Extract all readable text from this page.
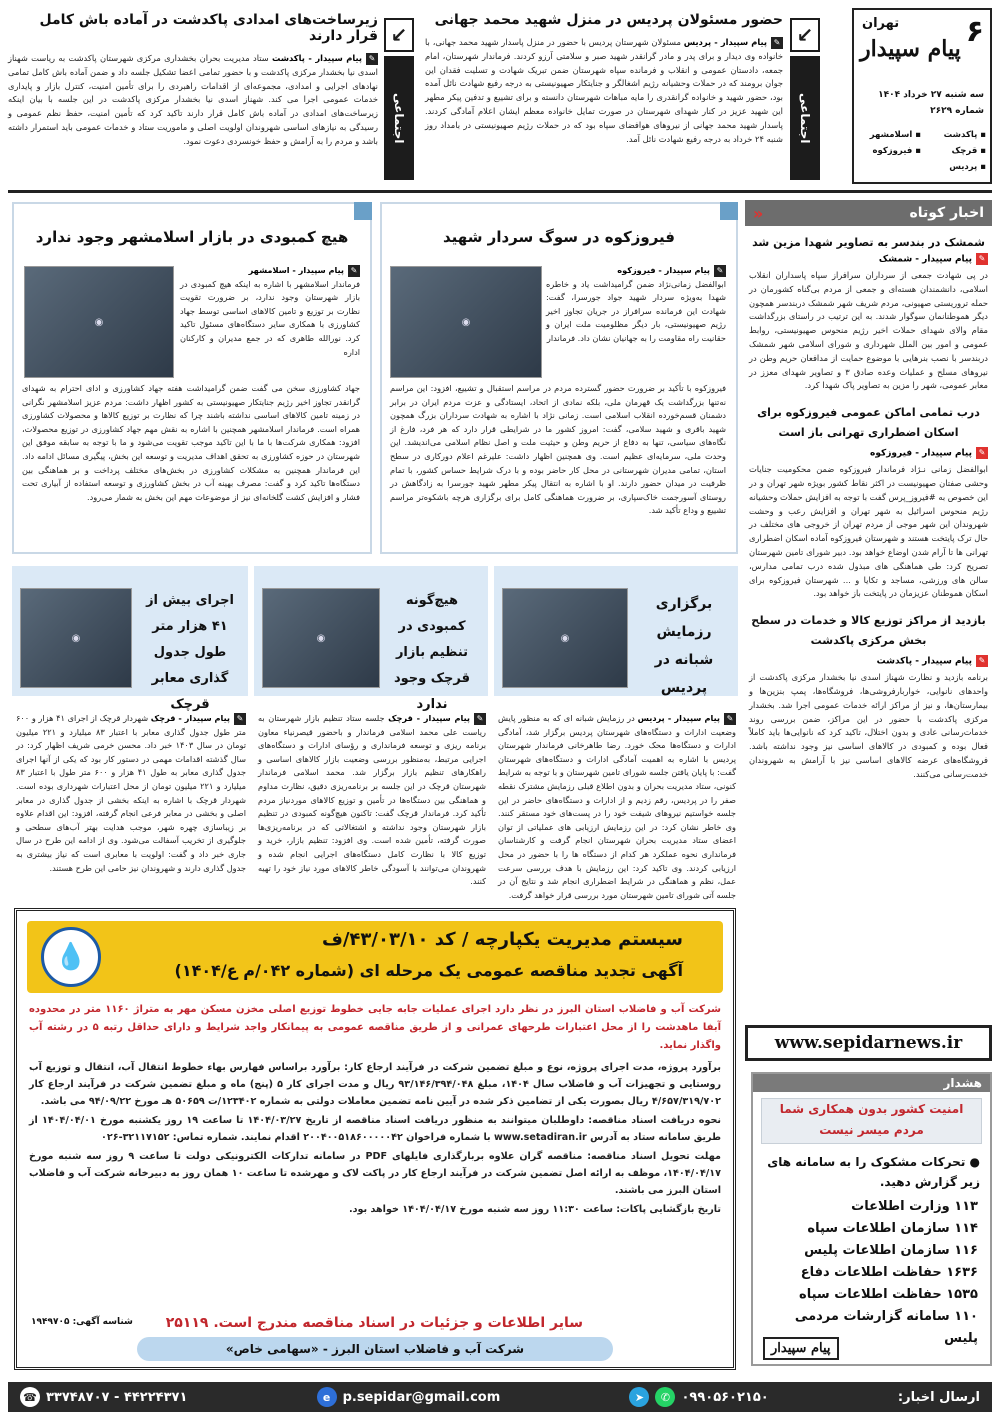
۶
تهران
پیام سپیدار
سه شنبه ۲۷ خرداد ۱۴۰۴
شماره ۲۶۲۹
▪ پاکدشت
▪ اسلامشهر
▪ قرچک
▪ فیروزکوه
▪ پردیس
↙
اجتماعی
حضور مسئولان پردیس در منزل شهید محمد جهانی
✎پیام سپیدار - پردیس مسئولان شهرستان پردیس با حضور در منزل پاسدار شهید محمد جهانی، با خانواده وی دیدار و برای پدر و مادر گرانقدر شهید صبر و سلامتی آرزو کردند. فرماندار شهرستان، امام جمعه، دادستان عمومی و انقلاب و فرمانده سپاه شهرستان ضمن تبریک شهادت و تسلیت فقدان این جوان برومند که در حملات وحشیانه رژیم اشغالگر و جنایتکار صهیونیستی به درجه رفیع شهادت نائل آمده بود، حضور شهید و خانواده گرانقدری را مایه مباهات شهرستان دانسته و برای تشییع و تدفین پیکر مطهر این شهید عزیز در کنار شهدای شهرستان در صورت تمایل خانواده معظم ایشان اعلام آمادگی کردند. پاسدار شهید محمد جهانی از نیروهای هوافضای سپاه بود که در حملات رژیم صهیونیستی در بامداد روز شنبه ۲۴ خرداد به درجه رفیع شهادت نائل آمد.
↙
اجتماعی
زیرساخت‌های امدادی پاکدشت در آماده باش کامل قرار دارند
✎پیام سپیدار - پاکدشت ستاد مدیریت بحران بخشداری مرکزی شهرستان پاکدشت به ریاست شهناز اسدی نیا بخشدار مرکزی پاکدشت و با حضور تمامی اعضا تشکیل جلسه داد و ضمن آماده باش کامل تمامی نهادهای اجرایی و امدادی، مجموعه‌ای از اقدامات راهبردی را برای تأمین امنیت، کنترل بازار و پایداری خدمات عمومی اجرا می کند. شهناز اسدی نیا بخشدار مرکزی پاکدشت در این جلسه با بیان اینکه زیرساخت‌های امدادی در آماده باش کامل قرار دارند تاکید کرد که تأمین امنیت، حفظ نظم عمومی و رسیدگی به نیازهای اساسی شهروندان اولویت اصلی و ماموریت ستاد و خدمات عمومی باید استمرار داشته باشد و مردم را به آرامش و حفظ خونسردی دعوت نمود.
اخبار کوتاه
«
شمشک در بندسر به تصاویر شهدا مزین شد
✎پیام سپیدار - شمشک
در پی شهادت جمعی از سرداران سرافراز سپاه پاسداران انقلاب اسلامی، دانشمندان هسته‌ای و جمعی از مردم بی‌گناه کشورمان در حمله تروریستی صهیونی، مردم شریف شهر شمشک دربندسر همچون دیگر هموطنانمان سوگوار شدند. به این ترتیب در راستای بزرگداشت مقام والای شهدای حملات اخیر رژیم منحوس صهیونیستی، روابط عمومی و امور بین الملل شهرداری و شورای اسلامی شهر شمشک دربندسر با نصب بنرهایی با موضوع حمایت از مدافعان حریم وطن در نیروهای مسلح و عملیات وعده صادق ۳ و تصاویر شهدای معزز در معابر عمومی، شهر را مزین به تصاویر پاک شهدا کرد.
درب تمامی اماکن عمومی فیروزکوه برای اسکان اضطراری تهرانی باز است
✎پیام سپیدار - فیروزکوه
ابوالفضل زمانی نـژاد فرماندار فیروزکوه ضمن محکومیت جنایات وحشی صفتان صهیونیست در اکثر نقاط کشور بویژه شهر تهران و در این خصوص به #فیروز_پرس گفت با توجه به افزایش حملات وحشیانه رژیم منحوس اسرائیل به شهر تهران و افزایش رعب و وحشت شهروندان این شهر موجی از مردم تهران از خروجی های مختلف در حال ترک پایتخت هستند و شهرستان فیروزکوه آماده اسکان اضطراری تهرانی ها تا آرام شدن اوضاع خواهد بود. دبیر شورای تامین شهرستان تصریح کرد: طی هماهنگی های مبذول شده درب تمامی مدارس، سالن های ورزشی، مساجد و تکایا و ... شهرستان فیروزکوه برای اسکان هموطنان عزیزمان در پایتخت باز خواهد بود.
بازدید از مراکز توزیع کالا و خدمات در سطح بخش مرکزی پاکدشت
✎پیام سپیدار - پاکدشت
برنامه بازدید و نظارت شهناز اسدی نیا بخشدار مرکزی پاکدشت از واحدهای نانوایی، خواربارفروشی‌ها، فروشگاه‌ها، پمپ بنزین‌ها و بیمارستان‌ها، و نیز از مراکز ارائه خدمات عمومی اجرا شد. بخشدار مرکزی پاکدشت با حضور در این مراکز، ضمن بررسی روند خدمات‌رسانی عادی و بدون اختلال، تاکید کرد که نانوایی‌ها باید کاملاً فعال بوده و کمبودی در کالاهای اساسی نیز وجود نداشته باشد. فروشگاه‌های عرضه کالاهای اساسی نیز با آرامش به شهروندان خدمت‌رسانی می‌کنند.
www.sepidarnews.ir
هشدار
امنیت کشور بدون همکاری شما
مردم میسر نیست
● تحرکات مشکوک را به سامانه های زیر گزارش دهید.
۱۱۳ وزارت اطلاعات
۱۱۴ سازمان اطلاعات سپاه
۱۱۶ سازمان اطلاعات پلیس
۱۶۳۶ حفاظت اطلاعات دفاع
۱۵۳۵ حفاظت اطلاعات سپاه
۱۱۰ سامانه گزارشات مردمی پلیس
پیام سپیدار
فیروزکوه در سوگ سردار شهید
◉
✎پیام سپیدار - فیروزکوه
ابوالفضل زمانی‌نژاد ضمن گرامیداشت یاد و خاطره شهدا به‌ویژه سردار شهید جواد جورسرا، گفت: شهادت این فرمانده سرافراز در جریان تجاوز اخیر رژیم صهیونیستی، بار دیگر مظلومیت ملت ایران و حقانیت راه مقاومت را به جهانیان نشان داد. فرماندار
فیروزکوه با تأکید بر ضرورت حضور گسترده مردم در مراسم استقبال و تشییع، افزود: این مراسم نه‌تنها بزرگداشت یک قهرمان ملی، بلکه نمادی از اتحاد، ایستادگی و عزت مردم ایران در برابر دشمنان قسم‌خورده انقلاب اسلامی است. زمانی نژاد با اشاره به شهادت سرداران بزرگ همچون شهید باقری و شهید سلامی، گفت: امروز کشور ما در شرایطی قرار دارد که هر فرد، فارغ از نگاه‌های سیاسی، تنها به دفاع از حریم وطن و حیثیت ملت و اصل نظام اسلامی می‌اندیشد. این وحدت ملی، سرمایه‌ای عظیم است. وی همچنین اظهار داشت: علیرغم اعلام دورکاری در سطح استان، تمامی مدیران شهرستانی در محل کار حاضر بوده و با درک شرایط حساس کشور، با تمام ظرفیت در میدان حضور دارند. او با اشاره به انتقال پیکر مطهر شهید جورسرا به زادگاهش در روستای آسورجمت خاک‌سپاری، بر ضرورت هماهنگی کامل برای برگزاری هرچه باشکوه‌تر مراسم تشییع و وداع تأکید شد.
هیچ کمبودی در بازار اسلامشهر وجود ندارد
◉
✎پیام سپیدار - اسلامشهر
فرماندار اسلامشهر با اشاره به اینکه هیچ کمبودی در بازار شهرستان وجود ندارد، بر ضرورت تقویت نظارت بر توزیع و تامین کالاهای اساسی توسط جهاد کشاورزی با همکاری سایر دستگاه‌های مسئول تاکید کرد. نورالله طاهری که در جمع مدیران و کارکنان اداره
جهاد کشاورزی سخن می گفت ضمن گرامیداشت هفته جهاد کشاورزی و ادای احترام به شهدای گرانقدر تجاوز اخیر رژیم جنایتکار صهیونیستی به کشور اظهار داشت: مردم عزیز اسلامشهر نگرانی در زمینه تامین کالاهای اساسی نداشته باشند چرا که نظارت بر توزیع کالاها و محصولات کشاورزی همراه است. فرماندار اسلامشهر همچنین با اشاره به نقش مهم جهاد کشاورزی در توزیع محصولات، افزود: همکاری شرکت‌ها با ما با این تاکید موجب تقویت می‌شود و ما با توجه به سابقه موفق این شهرستان در حوزه کشاورزی به تحقق اهداف مدیریت و توسعه این بخش، پیگیری مسائل ادامه داد. این فرماندار همچنین به مشکلات کشاورزی در بخش‌های مختلف پرداخت و بر هماهنگی بین دستگاه‌ها تاکید کرد و گفت: مصرف بهینه آب در بخش کشاورزی و توسعه استفاده از آبیاری تحت فشار و افزایش کشت گلخانه‌ای نیز از موضوعات مهم این بخش به شمار می‌رود.
برگزاری رزمایش شبانه در پردیس
◉
✎پیام سپیدار - پردیس در رزمایش شبانه ای که به منظور پایش وضعیت ادارات و دستگاه‌های شهرستان پردیس برگزار شد، آمادگی ادارات و دستگاه‌ها محک خورد. رضا طاهرخانی فرماندار شهرستان پردیس با اشاره به اهمیت آمادگی ادارات و دستگاه‌های شهرستان گفت: با پایان یافتن جلسه شورای تامین شهرستان و با توجه به شرایط کنونی، ستاد مدیریت بحران و بدون اطلاع قبلی رزمایش مشترک نقطه صفر را در پردیس، رقم زدیم و از ادارات و دستگاه‌های حاضر در این جلسه خواستیم نیروهای شیفت خود را در پست‌های خود مستقر کنند. وی خاطر نشان کرد: در این رزمایش ارزیابی های عملیاتی از توان اعضای ستاد مدیریت بحران شهرستان انجام گرفت و کارشناسان فرمانداری نحوه عملکرد هر کدام از دستگاه ها را با حضور در محل ارزیابی کردند. وی تاکید کرد: این رزمایش با هدف بررسی سرعت عمل، نظم و هماهنگی در شرایط اضطراری انجام شد و نتایج آن در جلسه آتی شورای تامین شهرستان مورد بررسی قرار خواهد گرفت.
هیچ‌گونه کمبودی در تنظیم بازار قرچک وجود ندارد
◉
✎پیام سپیدار - قرچک جلسه ستاد تنظیم بازار شهرستان به ریاست علی محمد اسلامی فرماندار و باحضور قیصرنیاء معاون برنامه ریزی و توسعه فرمانداری و رؤسای ادارات و دستگاه‌های اجرایی مرتبط، به‌منظور بررسی وضعیت بازار کالاهای اساسی و راهکارهای تنظیم بازار برگزار شد. محمد اسلامی فرماندار شهرستان قرچک در این جلسه بر برنامه‌ریزی دقیق، نظارت مداوم و هماهنگی بین دستگاه‌ها در تأمین و توزیع کالاهای موردنیاز مردم تأکید کرد. فرماندار قرچک گفت: تاکنون هیچ‌گونه کمبودی در تنظیم بازار شهرستان وجود نداشته و اشتغالاتی که در برنامه‌ریزی‌ها صورت گرفته، تأمین شده است. وی افزود: تنظیم بازار، خرید و توزیع کالا با نظارت کامل دستگاه‌های اجرایی انجام شده و شهروندان می‌توانند با آسودگی خاطر کالاهای مورد نیاز خود را تهیه کنند.
اجرای بیش از ۴۱ هزار متر طول جدول گذاری معابر قرچک
◉
✎پیام سپیدار - قرچک شهردار قرچک از اجرای ۴۱ هزار و ۶۰۰ متر طول جدول گذاری معابر با اعتبار ۸۳ میلیارد و ۲۲۱ میلیون تومان در سال ۱۴۰۳ خبر داد. محسن خرمی شریف اظهار کرد: در سال گذشته اقدامات مهمی در دستور کار بود که یکی از آنها اجرای جدول گذاری معابر به طول ۴۱ هزار و ۶۰۰ متر طول با اعتبار ۸۳ میلیارد و ۲۲۱ میلیون تومان از محل اعتبارات شهرداری بوده است. شهردار قرچک با اشاره به اینکه بخشی از جدول گذاری در معابر اصلی و بخشی در معابر فرعی انجام گرفته، افزود: این اقدام علاوه بر زیباسازی چهره شهر، موجب هدایت بهتر آب‌های سطحی و جلوگیری از تخریب آسفالت می‌شود. وی از ادامه این طرح در سال جاری خبر داد و گفت: اولویت با معابری است که نیاز بیشتری به جدول گذاری دارند و شهروندان نیز حامی این طرح هستند.
سیستم مدیریت یکپارچه / کد ۴۳/۰۳/۱۰/ف
آگهی تجدید مناقصه عمومی یک مرحله ای (شماره ۰۴۲/م ع/۱۴۰۴)
💧
شرکت آب و فاضلاب استان البرز در نظر دارد اجرای عملیات جابه جایی خطوط توزیع اصلی مخزن مسکن مهر به متراژ ۱۱۶۰ متر در محدوده آبفا ماهدشت را از محل اعتبارات طرحهای عمرانی و از طریق مناقصه عمومی به پیمانکار واجد شرایط و دارای حداقل رتبه ۵ در رشته آب واگذار نماید.
برآورد پروژه، مدت اجرای پروژه، نوع و مبلغ تضمین شرکت در فرآیند ارجاع کار: برآورد براساس فهارس بهاء خطوط انتقال آب، انتقال و توزیع آب روستایی و تجهیزات آب و فاضلاب سال ۱۴۰۴، مبلغ ۹۳/۱۴۶/۳۹۴/۰۴۸ ریال و مدت اجرای کار ۵ (پنج) ماه و مبلغ تضمین شرکت در فرآیند ارجاع کار ۴/۶۵۷/۳۱۹/۷۰۲ ریال بصورت یکی از تضامین ذکر شده در آیین نامه تضمین معاملات دولتی به شماره ۱۲۳۴۰۲/ت ۵۰۶۵۹ هـ مورخ ۹۴/۰۹/۲۲ می باشد.
نحوه دریافت اسناد مناقصه: داوطلبان میتوانند به منظور دریافت اسناد مناقصه از تاریخ ۱۴۰۴/۰۳/۲۷ تا ساعت ۱۹ روز یکشنبه مورخ ۱۴۰۴/۰۴/۰۱ از طریق سامانه ستاد به آدرس www.setadiran.ir با شماره فراخوان ۲۰۰۴۰۰۵۱۸۶۰۰۰۰۰۴۲ اقدام نمایند. شماره تماس: ۳۲۱۱۷۱۵۲-۰۲۶
مهلت تحویل اسناد مناقصه: مناقصه گران علاوه بربارگذاری فایلهای PDF در سامانه تدارکات الکترونیکی دولت تا ساعت ۹ روز سه شنبه مورخ ۱۴۰۴/۰۴/۱۷، موظف به ارائه اصل تضمین شرکت در فرآیند ارجاع کار در پاکت لاک و مهرشده تا ساعت ۱۰ همان روز به دبیرخانه شرکت آب و فاضلاب استان البرز می باشند.
تاریخ بازگشایی پاکات: ساعت ۱۱:۳۰ روز سه شنبه مورخ ۱۴۰۴/۰۴/۱۷ خواهد بود.
شناسه آگهی: ۱۹۴۹۷۰۵ سایر اطلاعات و جزئیات در اسناد مناقصه مندرج است. ۲۵۱۱۹
شرکت آب و فاضلاب استان البرز - «سهامی خاص»
ارسال اخبار:
۰۹۹۰۵۶۰۲۱۵۰
✆
➤
e p.sepidar@gmail.com
۴۴۲۲۴۳۷۱ - ۳۳۷۴۸۷۰۷
☎
